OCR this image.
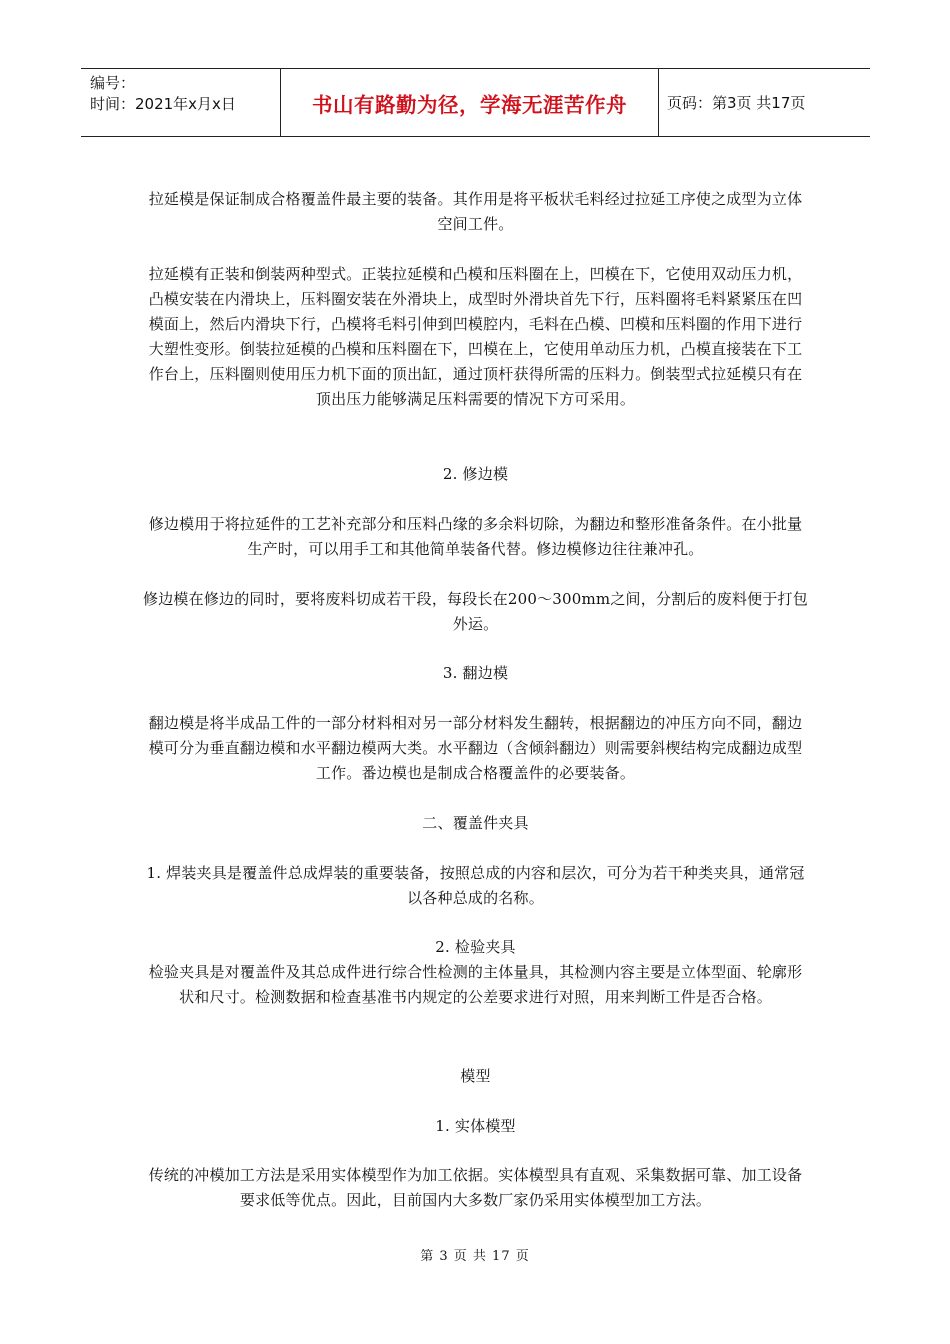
编号：
时间：2021年x月x日	书山有路勤为径，学海无涯苦作舟	页码：第3页 共17页

拉延模是保证制成合格覆盖件最主要的装备。其作用是将平板状毛料经过拉延工序使之成型为立体空间工件。

拉延模有正装和倒装两种型式。正装拉延模和凸模和压料圈在上，凹模在下，它使用双动压力机，凸模安装在内滑块上，压料圈安装在外滑块上，成型时外滑块首先下行，压料圈将毛料紧紧压在凹模面上，然后内滑块下行，凸模将毛料引伸到凹模腔内，毛料在凸模、凹模和压料圈的作用下进行大塑性变形。倒装拉延模的凸模和压料圈在下，凹模在上，它使用单动压力机，凸模直接装在下工作台上，压料圈则使用压力机下面的顶出缸，通过顶杆获得所需的压料力。倒装型式拉延模只有在顶出压力能够满足压料需要的情况下方可采用。

2. 修边模

修边模用于将拉延件的工艺补充部分和压料凸缘的多余料切除，为翻边和整形准备条件。在小批量生产时，可以用手工和其他简单装备代替。修边模修边往往兼冲孔。

修边模在修边的同时，要将废料切成若干段，每段长在200～300mm之间，分割后的废料便于打包外运。

3. 翻边模

翻边模是将半成品工件的一部分材料相对另一部分材料发生翻转，根据翻边的冲压方向不同，翻边模可分为垂直翻边模和水平翻边模两大类。水平翻边（含倾斜翻边）则需要斜楔结构完成翻边成型工作。番边模也是制成合格覆盖件的必要装备。

二、覆盖件夹具

1. 焊装夹具是覆盖件总成焊装的重要装备，按照总成的内容和层次，可分为若干种类夹具，通常冠以各种总成的名称。

2. 检验夹具

检验夹具是对覆盖件及其总成件进行综合性检测的主体量具，其检测内容主要是立体型面、轮廓形状和尺寸。检测数据和检查基准书内规定的公差要求进行对照，用来判断工件是否合格。

模型

1. 实体模型

传统的冲模加工方法是采用实体模型作为加工依据。实体模型具有直观、采集数据可靠、加工设备要求低等优点。因此，目前国内大多数厂家仍采用实体模型加工方法。

第 3 页 共 17 页
